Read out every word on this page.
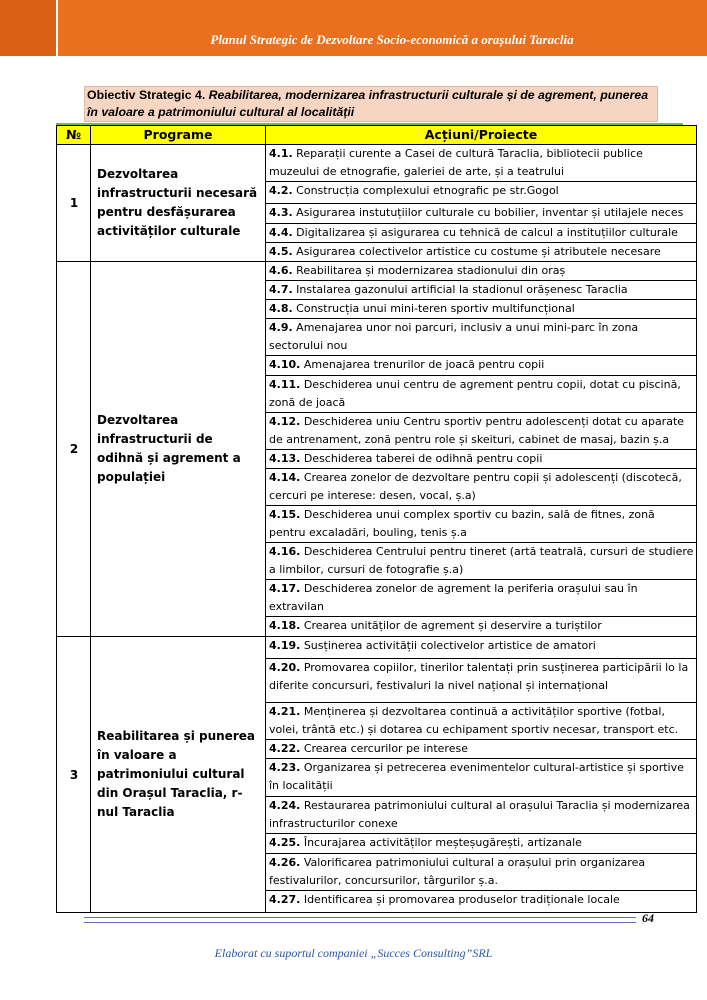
Planul Strategic de Dezvoltare Socio-economică a orașului Taraclia
Obiectiv Strategic 4. Reabilitarea, modernizarea infrastructurii culturale și de agrement, punerea în valoare a patrimoniului cultural al localității
№	Programe	Acțiuni/Proiecte
1	Dezvoltarea infrastructurii necesară pentru desfășurarea activităților culturale	4.1. Reparații curente a Casei de cultură Taraclia, bibliotecii publice muzeului de etnografie, galeriei de arte, și a teatrului
		4.2. Construcția complexului etnografic pe str.Gogol
		4.3. Asigurarea instutuțiilor culturale cu bobilier, inventar și utilajele neces
		4.4. Digitalizarea și asigurarea cu tehnică de calcul a instituțiilor culturale
		4.5. Asigurarea colectivelor artistice cu costume și atributele necesare
2	Dezvoltarea infrastructurii de odihnă și agrement a populației	4.6. Reabilitarea și modernizarea stadionului din oraș
		4.7. Instalarea gazonului artificial la stadionul orășenesc Taraclia
		4.8. Construcția unui mini-teren sportiv multifuncțional
		4.9. Amenajarea unor noi parcuri, inclusiv a unui mini-parc în zona sectorului nou
		4.10. Amenajarea trenurilor de joacă pentru copii
		4.11. Deschiderea unui centru de agrement pentru copii, dotat cu piscină, zonă de joacă
		4.12. Deschiderea uniu Centru sportiv pentru adolescenți dotat cu aparate de antrenament, zonă pentru role și skeituri, cabinet de masaj, bazin ș.a
		4.13. Deschiderea taberei de odihnă pentru copii
		4.14. Crearea zonelor de dezvoltare pentru copii și adolescenți (discotecă, cercuri pe interese: desen, vocal, ș.a)
		4.15. Deschiderea unui complex sportiv cu bazin, sală de fitnes, zonă pentru excaladări, bouling, tenis ș.a
		4.16. Deschiderea Centrului pentru tineret (artă teatrală, cursuri de studiere a limbilor, cursuri de fotografie ș.a)
		4.17. Deschiderea zonelor de agrement la periferia orașului sau în extravilan
		4.18. Crearea unităților de agrement și deservire a turiștilor
3	Reabilitarea și punerea în valoare a patrimoniului cultural din Orașul Taraclia, r-nul Taraclia	4.19. Susținerea activității colectivelor artistice de amatori
		4.20. Promovarea copiilor, tinerilor talentați prin susținerea participării lo la diferite concursuri, festivaluri la nivel național și internațional
		4.21. Menținerea și dezvoltarea continuă a activităților sportive (fotbal, volei, trântă etc.) și dotarea cu echipament sportiv necesar, transport etc.
		4.22. Crearea cercurilor pe interese
		4.23. Organizarea și petrecerea evenimentelor cultural-artistice și sportive în localității
		4.24. Restaurarea patrimoniului cultural al orașului Taraclia și modernizarea infrastructurilor conexe
		4.25. Încurajarea activităților meșteșugărești, artizanale
		4.26. Valorificarea patrimoniului cultural a orașului prin organizarea festivalurilor, concursurilor, târgurilor ș.a.
		4.27. Identificarea și promovarea produselor tradiționale locale
64
Elaborat cu suportul companiei „Succes Consulting”SRL
